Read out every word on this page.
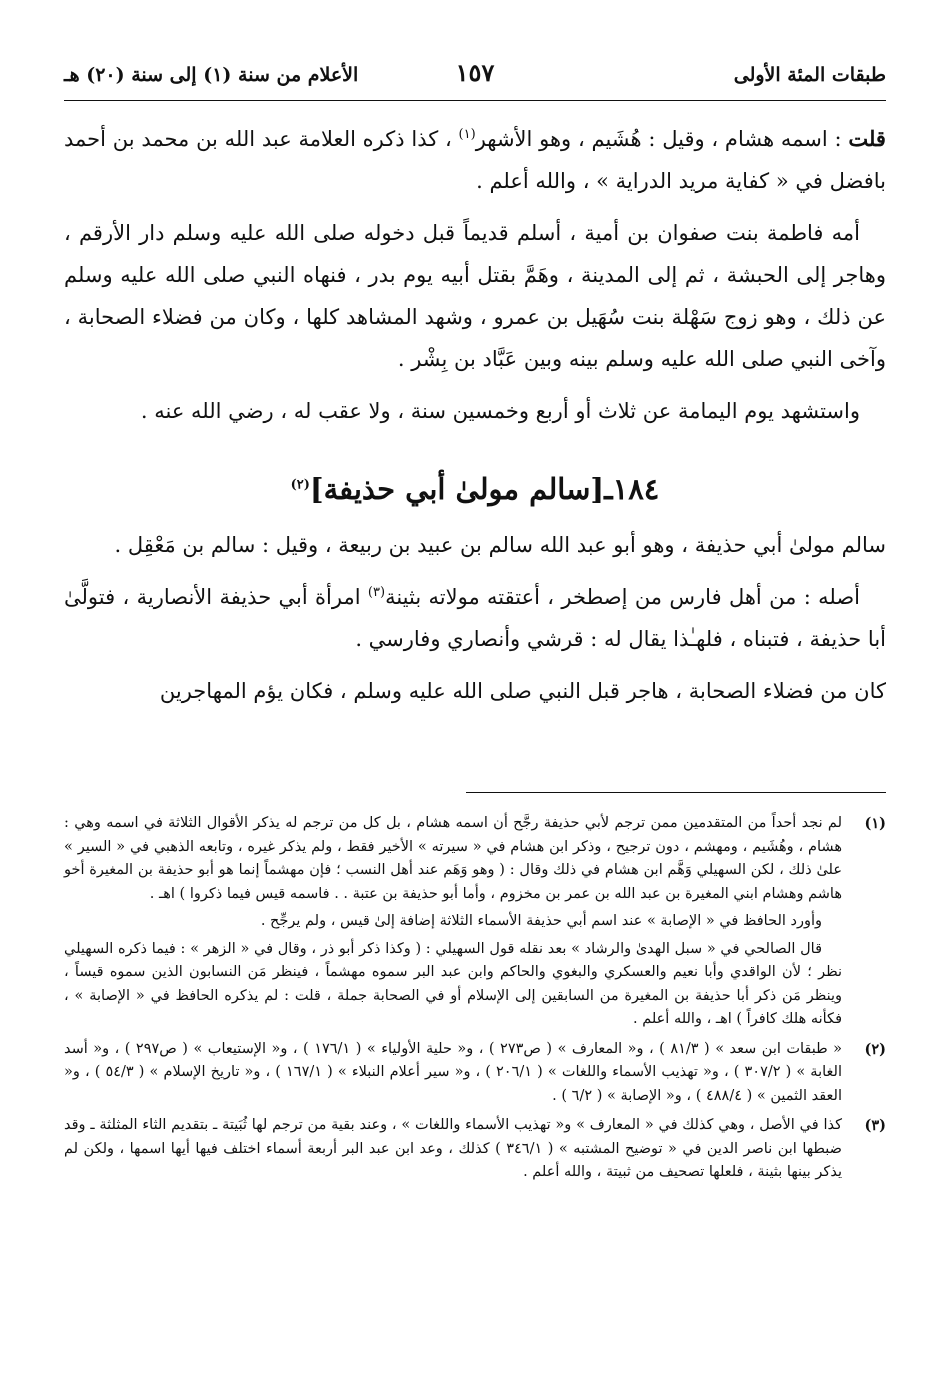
طبقات المئة الأولى
١٥٧
الأعلام من سنة (١) إلى سنة (٢٠) هـ

قلت : اسمه هشام ، وقيل : هُشَيم ، وهو الأشهر$^{(١)}$ ، كذا ذكره العلامة عبد الله بن محمد بن أحمد بافضل في « كفاية مريد الدراية » ، والله أعلم .

أمه فاطمة بنت صفوان بن أمية ، أسلم قديماً قبل دخوله صلى الله عليه وسلم دار الأرقم ، وهاجر إلى الحبشة ، ثم إلى المدينة ، وهَمَّ بقتل أبيه يوم بدر ، فنهاه النبي صلى الله عليه وسلم عن ذلك ، وهو زوج سَهْلة بنت سُهَيل بن عمرو ، وشهد المشاهد كلها ، وكان من فضلاء الصحابة ، وآخى النبي صلى الله عليه وسلم بينه وبين عَبَّاد بن بِشْر .

واستشهد يوم اليمامة عن ثلاث أو أربع وخمسين سنة ، ولا عقب له ، رضي الله عنه .

١٨٤ـ[سالم مولىٰ أبي حذيفة]$^{(٢)}$

سالم مولىٰ أبي حذيفة ، وهو أبو عبد الله سالم بن عبيد بن ربيعة ، وقيل : سالم بن مَعْقِل .

أصله : من أهل فارس من إصطخر ، أعتقته مولاته بثينة$^{(٣)}$ امرأة أبي حذيفة الأنصارية ، فتولَّىٰ أبا حذيفة ، فتبناه ، فلهـٰذا يقال له : قرشي وأنصاري وفارسي .

كان من فضلاء الصحابة ، هاجر قبل النبي صلى الله عليه وسلم ، فكان يؤم المهاجرين

(١)

لم نجد أحداً من المتقدمين ممن ترجم لأبي حذيفة رجَّح أن اسمه هشام ، بل كل من ترجم له يذكر الأقوال الثلاثة في اسمه وهي : هشام ، وهُشَيم ، ومهشم ، دون ترجيح ، وذكر ابن هشام في « سيرته » الأخير فقط ، ولم يذكر غيره ، وتابعه الذهبي في « السير » علىٰ ذلك ، لكن السهيلي وَهَّم ابن هشام في ذلك وقال : ( وهو وَهَم عند أهل النسب ؛ فإن مهشماً إنما هو أبو حذيفة بن المغيرة أخو هاشم وهشام ابني المغيرة بن عبد الله بن عمر بن مخزوم ، وأما أبو حذيفة بن عتبة . . فاسمه قيس فيما ذكروا ) اهـ .

وأورد الحافظ في « الإصابة » عند اسم أبي حذيفة الأسماء الثلاثة إضافة إلىٰ قيس ، ولم يرجِّح .

قال الصالحي في « سبل الهدىٰ والرشاد » بعد نقله قول السهيلي : ( وكذا ذكر أبو ذر ، وقال في « الزهر » : فيما ذكره السهيلي نظر ؛ لأن الواقدي وأبا نعيم والعسكري والبغوي والحاكم وابن عبد البر سموه مهشماً ، فينظر مَن النسابون الذين سموه قيساً ، وينظر مَن ذكر أبا حذيفة بن المغيرة من السابقين إلى الإسلام أو في الصحابة جملة ، قلت : لم يذكره الحافظ في « الإصابة » ، فكأنه هلك كافراً ) اهـ ، والله أعلم .

(٢)

« طبقات ابن سعد » ( ٨١/٣ ) ، و« المعارف » ( ص٢٧٣ ) ، و« حلية الأولياء » ( ١٧٦/١ ) ، و« الإستيعاب » ( ص٢٩٧ ) ، و« أسد الغابة » ( ٣٠٧/٢ ) ، و« تهذيب الأسماء واللغات » ( ٢٠٦/١ ) ، و« سير أعلام النبلاء » ( ١٦٧/١ ) ، و« تاريخ الإسلام » ( ٥٤/٣ ) ، و« العقد الثمين » ( ٤٨٨/٤ ) ، و« الإصابة » ( ٦/٢ ) .

(٣)

كذا في الأصل ، وهي كذلك في « المعارف » و« تهذيب الأسماء واللغات » ، وعند بقية من ترجم لها ثُبَيتة ـ بتقديم الثاء المثلثة ـ وقد ضبطها ابن ناصر الدين في « توضيح المشتبه » ( ٣٤٦/١ ) كذلك ، وعد ابن عبد البر أربعة أسماء اختلف فيها أيها اسمها ، ولكن لم يذكر بينها بثينة ، فلعلها تصحيف من ثبيتة ، والله أعلم .
